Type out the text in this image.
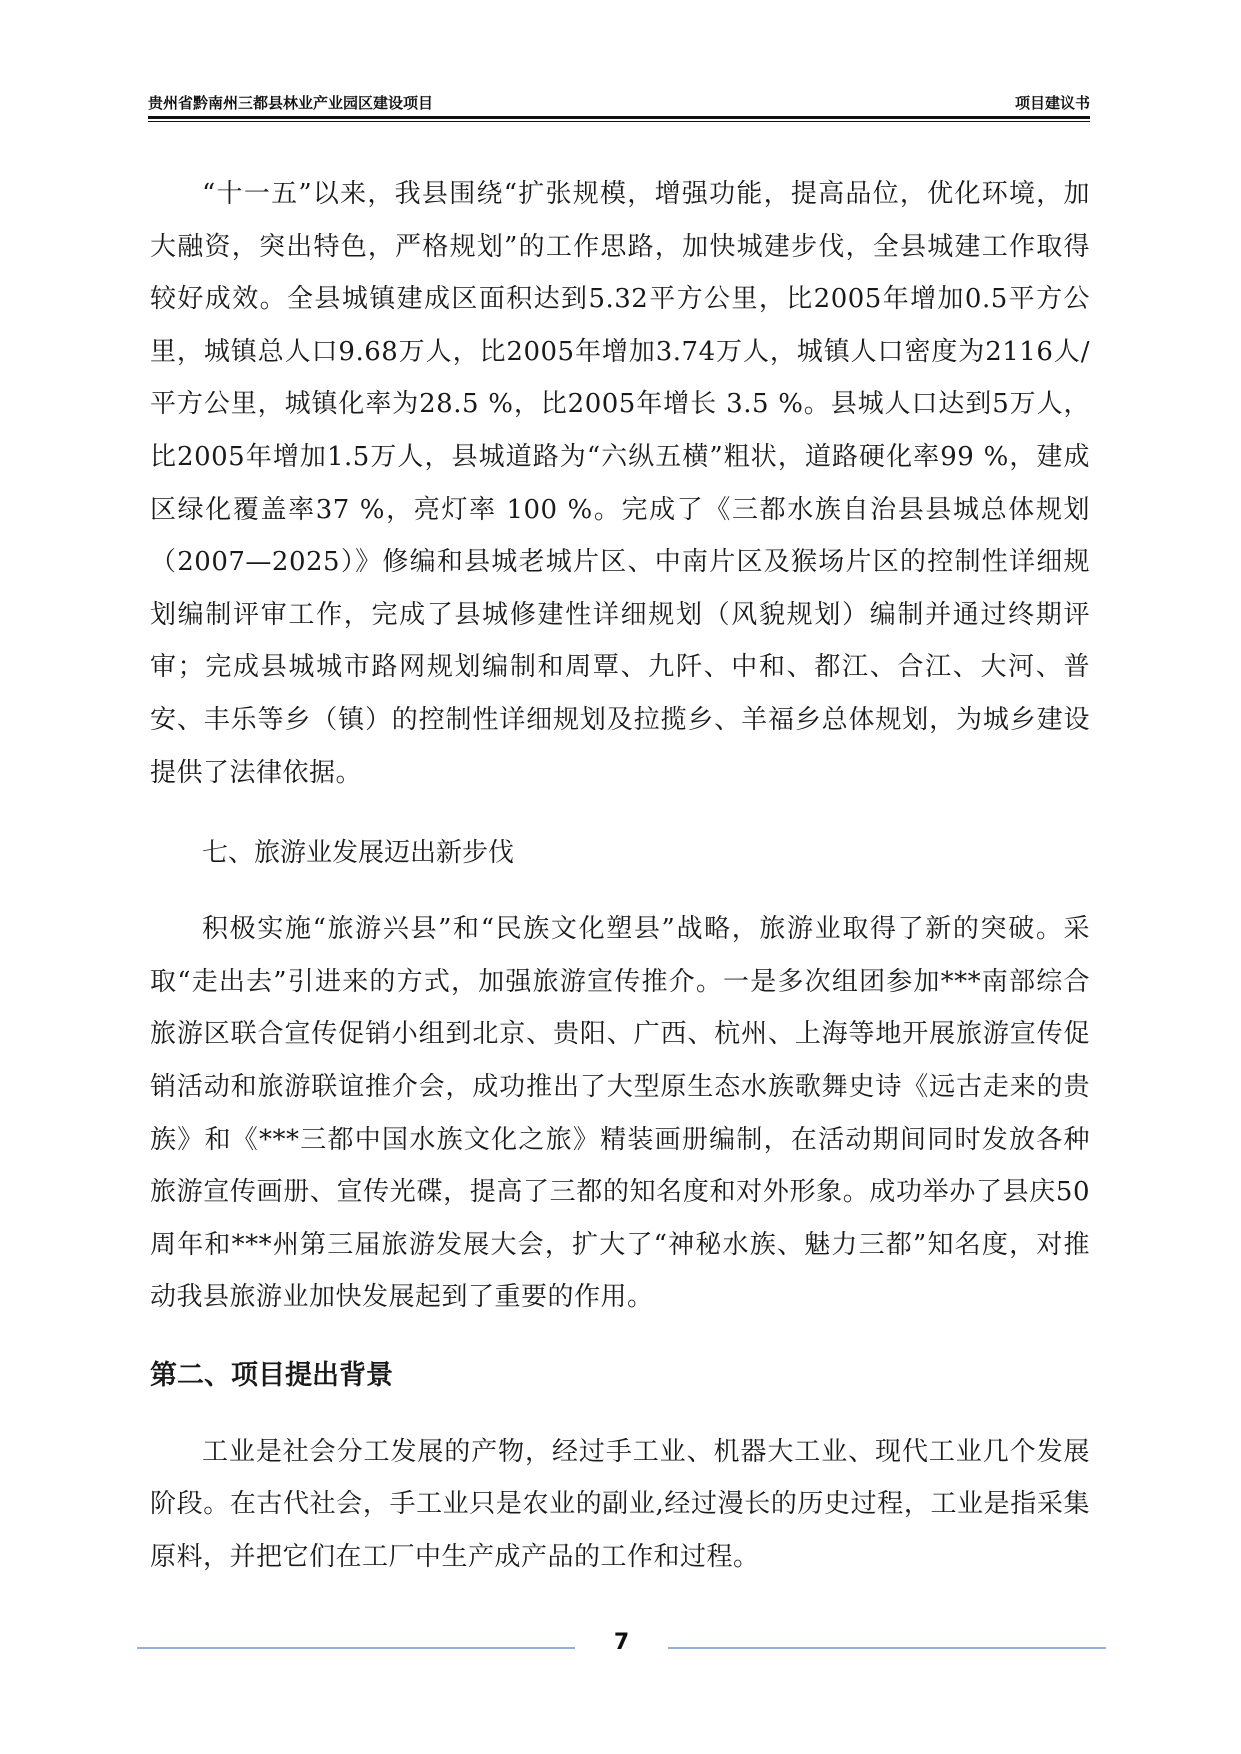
贵州省黔南州三都县林业产业园区建设项目	项目建议书

“十一五”以来，我县围绕“扩张规模，增强功能，提高品位，优化环境，加大融资，突出特色，严格规划”的工作思路，加快城建步伐，全县城建工作取得较好成效。全县城镇建成区面积达到5.32平方公里，比2005年增加0.5平方公里，城镇总人口9.68万人，比2005年增加3.74万人，城镇人口密度为2116人/平方公里，城镇化率为28.5 %，比2005年增长 3.5 %。县城人口达到5万人，比2005年增加1.5万人，县城道路为“六纵五横”粗状，道路硬化率99 %，建成区绿化覆盖率37 %，亮灯率 100 %。完成了《三都水族自治县县城总体规划（2007—2025）》修编和县城老城片区、中南片区及猴场片区的控制性详细规划编制评审工作，完成了县城修建性详细规划（风貌规划）编制并通过终期评审；完成县城城市路网规划编制和周覃、九阡、中和、都江、合江、大河、普安、丰乐等乡（镇）的控制性详细规划及拉揽乡、羊福乡总体规划，为城乡建设提供了法律依据。

七、旅游业发展迈出新步伐

积极实施“旅游兴县”和“民族文化塑县”战略，旅游业取得了新的突破。采取“走出去”引进来的方式，加强旅游宣传推介。一是多次组团参加***南部综合旅游区联合宣传促销小组到北京、贵阳、广西、杭州、上海等地开展旅游宣传促销活动和旅游联谊推介会，成功推出了大型原生态水族歌舞史诗《远古走来的贵族》和《***三都中国水族文化之旅》精装画册编制，在活动期间同时发放各种旅游宣传画册、宣传光碟，提高了三都的知名度和对外形象。成功举办了县庆50周年和***州第三届旅游发展大会，扩大了“神秘水族、魅力三都”知名度，对推动我县旅游业加快发展起到了重要的作用。

第二、项目提出背景

工业是社会分工发展的产物，经过手工业、机器大工业、现代工业几个发展阶段。在古代社会，手工业只是农业的副业,经过漫长的历史过程，工业是指采集原料，并把它们在工厂中生产成产品的工作和过程。

7
